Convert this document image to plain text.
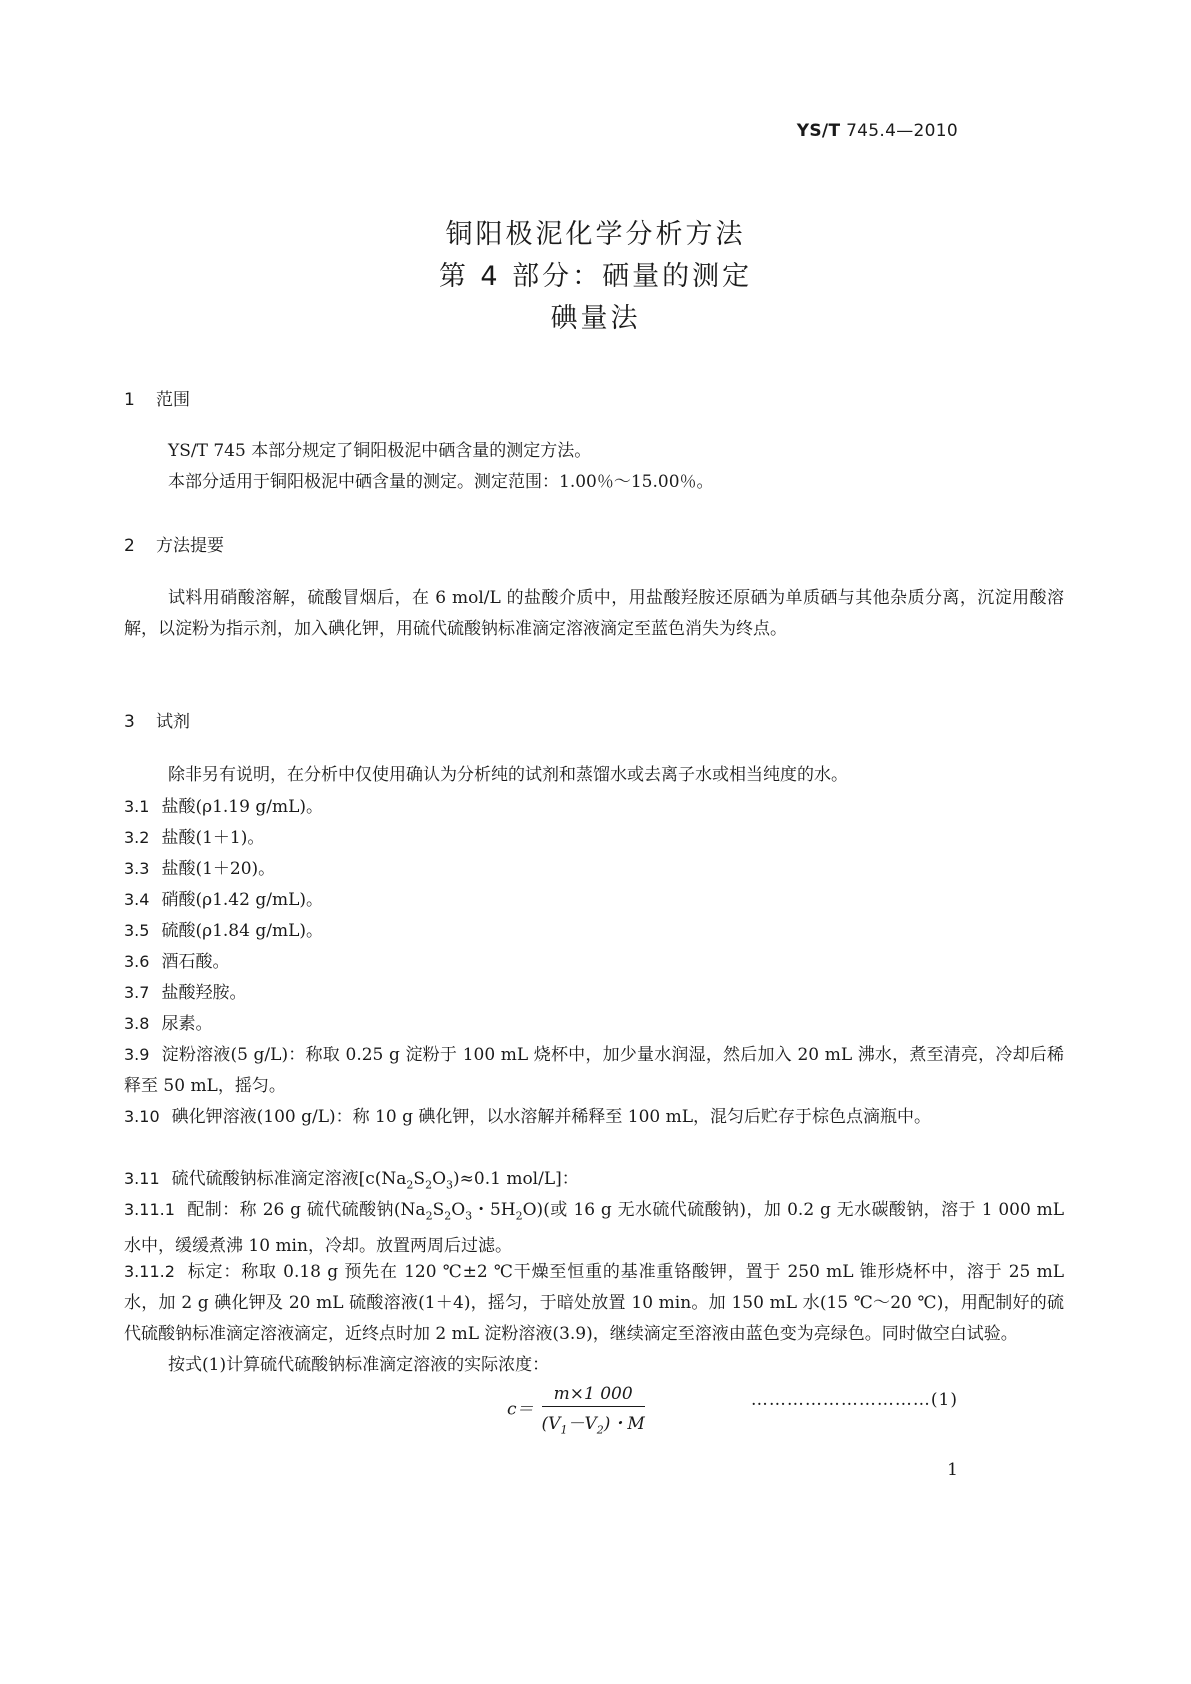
YS/T 745.4—2010
铜阳极泥化学分析方法
第 4 部分：硒量的测定
碘量法
1 范围
YS/T 745 本部分规定了铜阳极泥中硒含量的测定方法。
本部分适用于铜阳极泥中硒含量的测定。测定范围：1.00％～15.00％。
2 方法提要
试料用硝酸溶解，硫酸冒烟后，在 6 mol/L 的盐酸介质中，用盐酸羟胺还原硒为单质硒与其他杂质分离，沉淀用酸溶解，以淀粉为指示剂，加入碘化钾，用硫代硫酸钠标准滴定溶液滴定至蓝色消失为终点。
3 试剂
除非另有说明，在分析中仅使用确认为分析纯的试剂和蒸馏水或去离子水或相当纯度的水。
3.1 盐酸(ρ1.19 g/mL)。
3.2 盐酸(1＋1)。
3.3 盐酸(1＋20)。
3.4 硝酸(ρ1.42 g/mL)。
3.5 硫酸(ρ1.84 g/mL)。
3.6 酒石酸。
3.7 盐酸羟胺。
3.8 尿素。
3.9 淀粉溶液(5 g/L)：称取 0.25 g 淀粉于 100 mL 烧杯中，加少量水润湿，然后加入 20 mL 沸水，煮至清亮，冷却后稀释至 50 mL，摇匀。
3.10 碘化钾溶液(100 g/L)：称 10 g 碘化钾，以水溶解并稀释至 100 mL，混匀后贮存于棕色点滴瓶中。
3.11 硫代硫酸钠标准滴定溶液[$c(Na_2S_2O_3)\approx 0.1$ mol/L]：
3.11.1 配制：称 26 g 硫代硫酸钠($Na_2S_2O_3$・$5H_2O$)(或 16 g 无水硫代硫酸钠)，加 0.2 g 无水碳酸钠，溶于 1 000 mL 水中，缓缓煮沸 10 min，冷却。放置两周后过滤。
3.11.2 标定：称取 0.18 g 预先在 120 ℃±2 ℃干燥至恒重的基准重铬酸钾，置于 250 mL 锥形烧杯中，溶于 25 mL 水，加 2 g 碘化钾及 20 mL 硫酸溶液(1＋4)，摇匀，于暗处放置 10 min。加 150 mL 水(15 ℃～20 ℃)，用配制好的硫代硫酸钠标准滴定溶液滴定，近终点时加 2 mL 淀粉溶液(3.9)，继续滴定至溶液由蓝色变为亮绿色。同时做空白试验。
按式(1)计算硫代硫酸钠标准滴定溶液的实际浓度：
$c= \frac{m\times 1 000}{(V_1-V_2)・M}$	…………………………(1)
1
